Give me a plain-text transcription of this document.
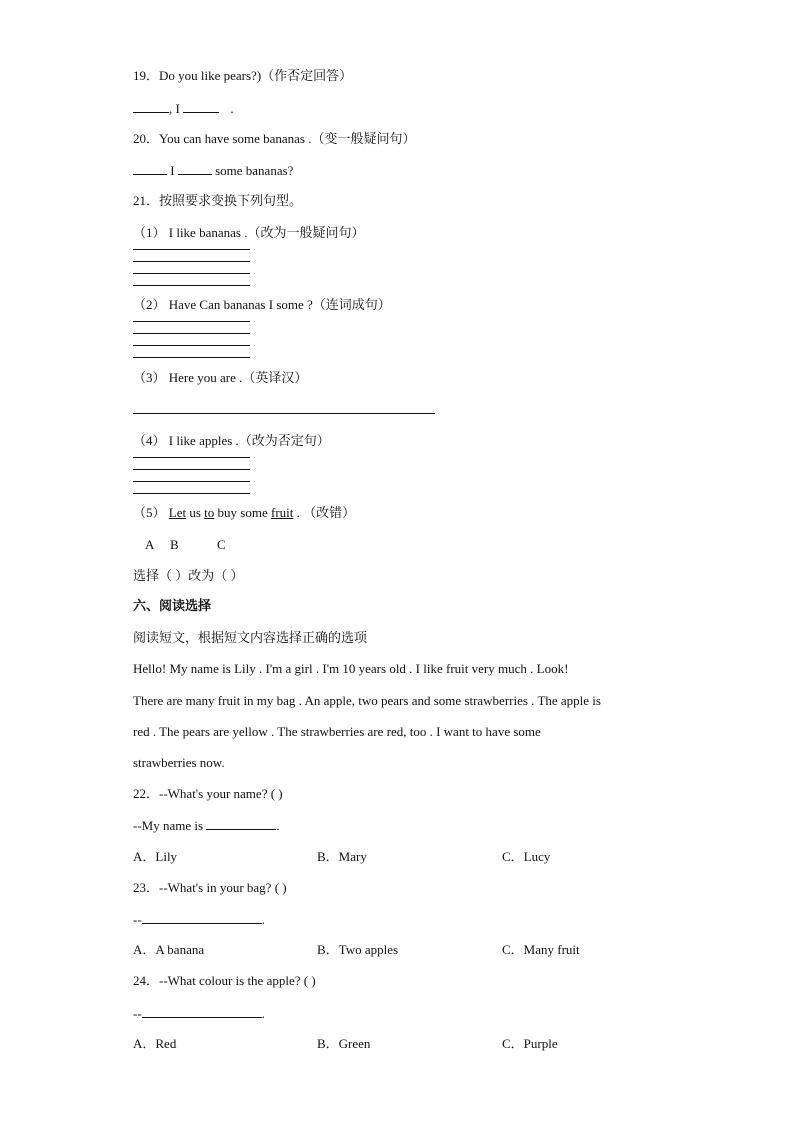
19．Do you like pears?)（作否定回答）
, I	.
20．You can have some bananas .（变一般疑问句）
I	some bananas?
21．按照要求变换下列句型。
（1） I like bananas .（改为一般疑问句）
（2） Have Can bananas I some ?（连词成句）
（3） Here you are .（英译汉）
（4） I like apples .（改为否定句）
（5） Let us to buy some fruit . （改错）
A B	C
选择（ ）改为（ ）
六、阅读选择
阅读短文，根据短文内容选择正确的选项
Hello! My name is Lily . I'm a girl . I'm 10 years old . I like fruit very much . Look!
There are many fruit in my bag . An apple, two pears and some strawberries . The apple is
red . The pears are yellow . The strawberries are red, too . I want to have some
strawberries now.
22．--What's your name? ( )
--My name is	.
A．Lily	B．Mary	C．Lucy
23．--What's in your bag? ( )
--	.
A．A banana	B．Two apples	C．Many fruit
24．--What colour is the apple? ( )
--	.
A．Red	B．Green	C．Purple
